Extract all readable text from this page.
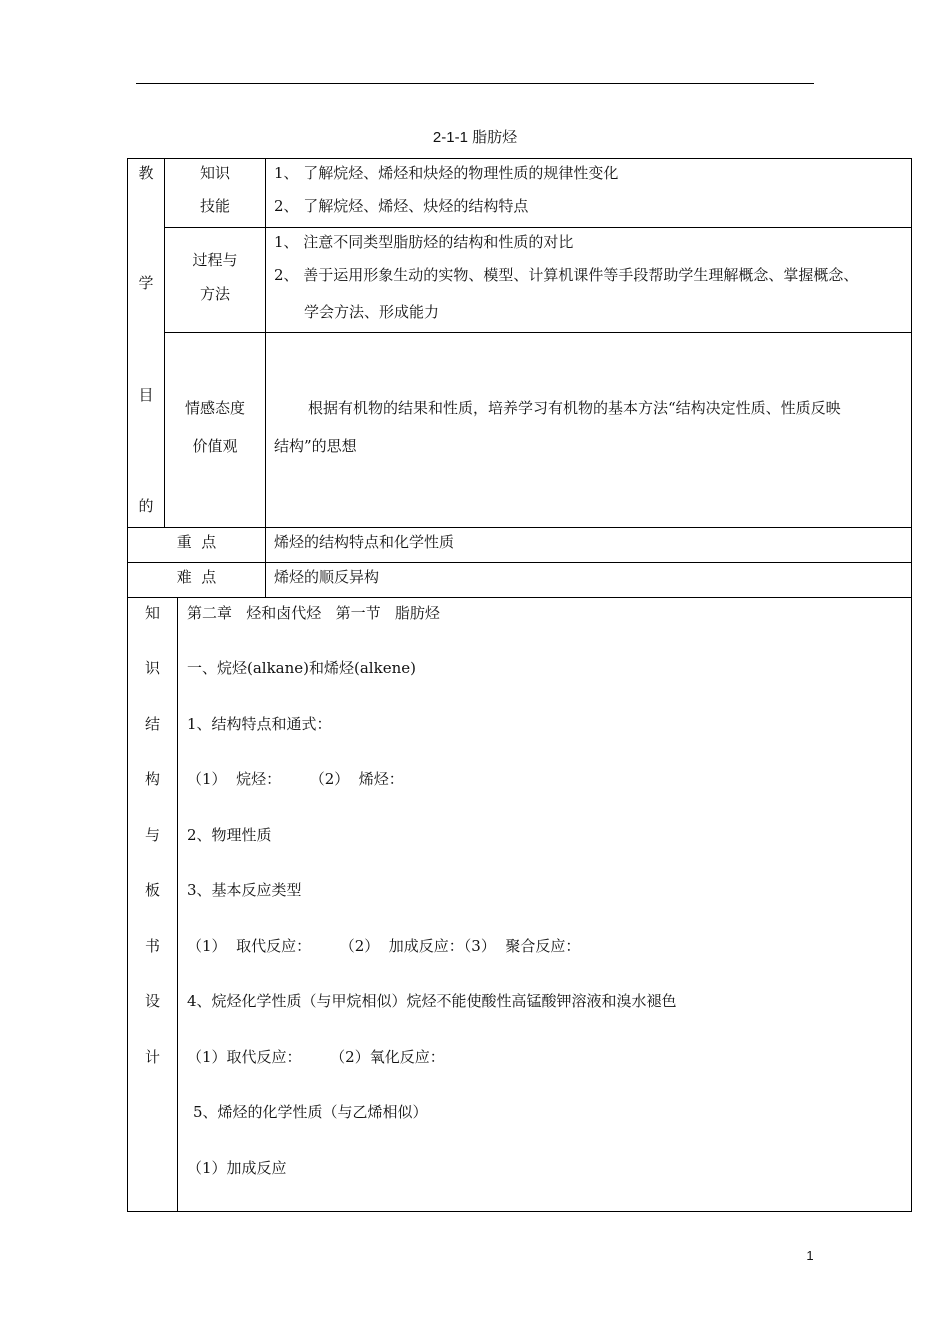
2-1-1 脂肪烃
教
学
目
的
知识
技能
1、 了解烷烃、烯烃和炔烃的物理性质的规律性变化
2、 了解烷烃、烯烃、炔烃的结构特点
过程与
方法
1、 注意不同类型脂肪烃的结构和性质的对比
2、 善于运用形象生动的实物、模型、计算机课件等手段帮助学生理解概念、掌握概念、
学会方法、形成能力
情感态度
价值观
根据有机物的结果和性质，培养学习有机物的基本方法“结构决定性质、性质反映
结构”的思想
重  点	烯烃的结构特点和化学性质
难  点	烯烃的顺反异构
知
识
结
构
与
板
书
设
计
第二章   烃和卤代烃   第一节   脂肪烃
一、烷烃(alkane)和烯烃(alkene)
1、结构特点和通式：
（1）  烷烃：      （2）  烯烃：
2、物理性质
3、基本反应类型
（1）  取代反应：      （2）  加成反应：（3）  聚合反应：
4、烷烃化学性质（与甲烷相似）烷烃不能使酸性高锰酸钾溶液和溴水褪色
（1）取代反应：      （2）氧化反应：
5、烯烃的化学性质（与乙烯相似）
（1）加成反应
1
